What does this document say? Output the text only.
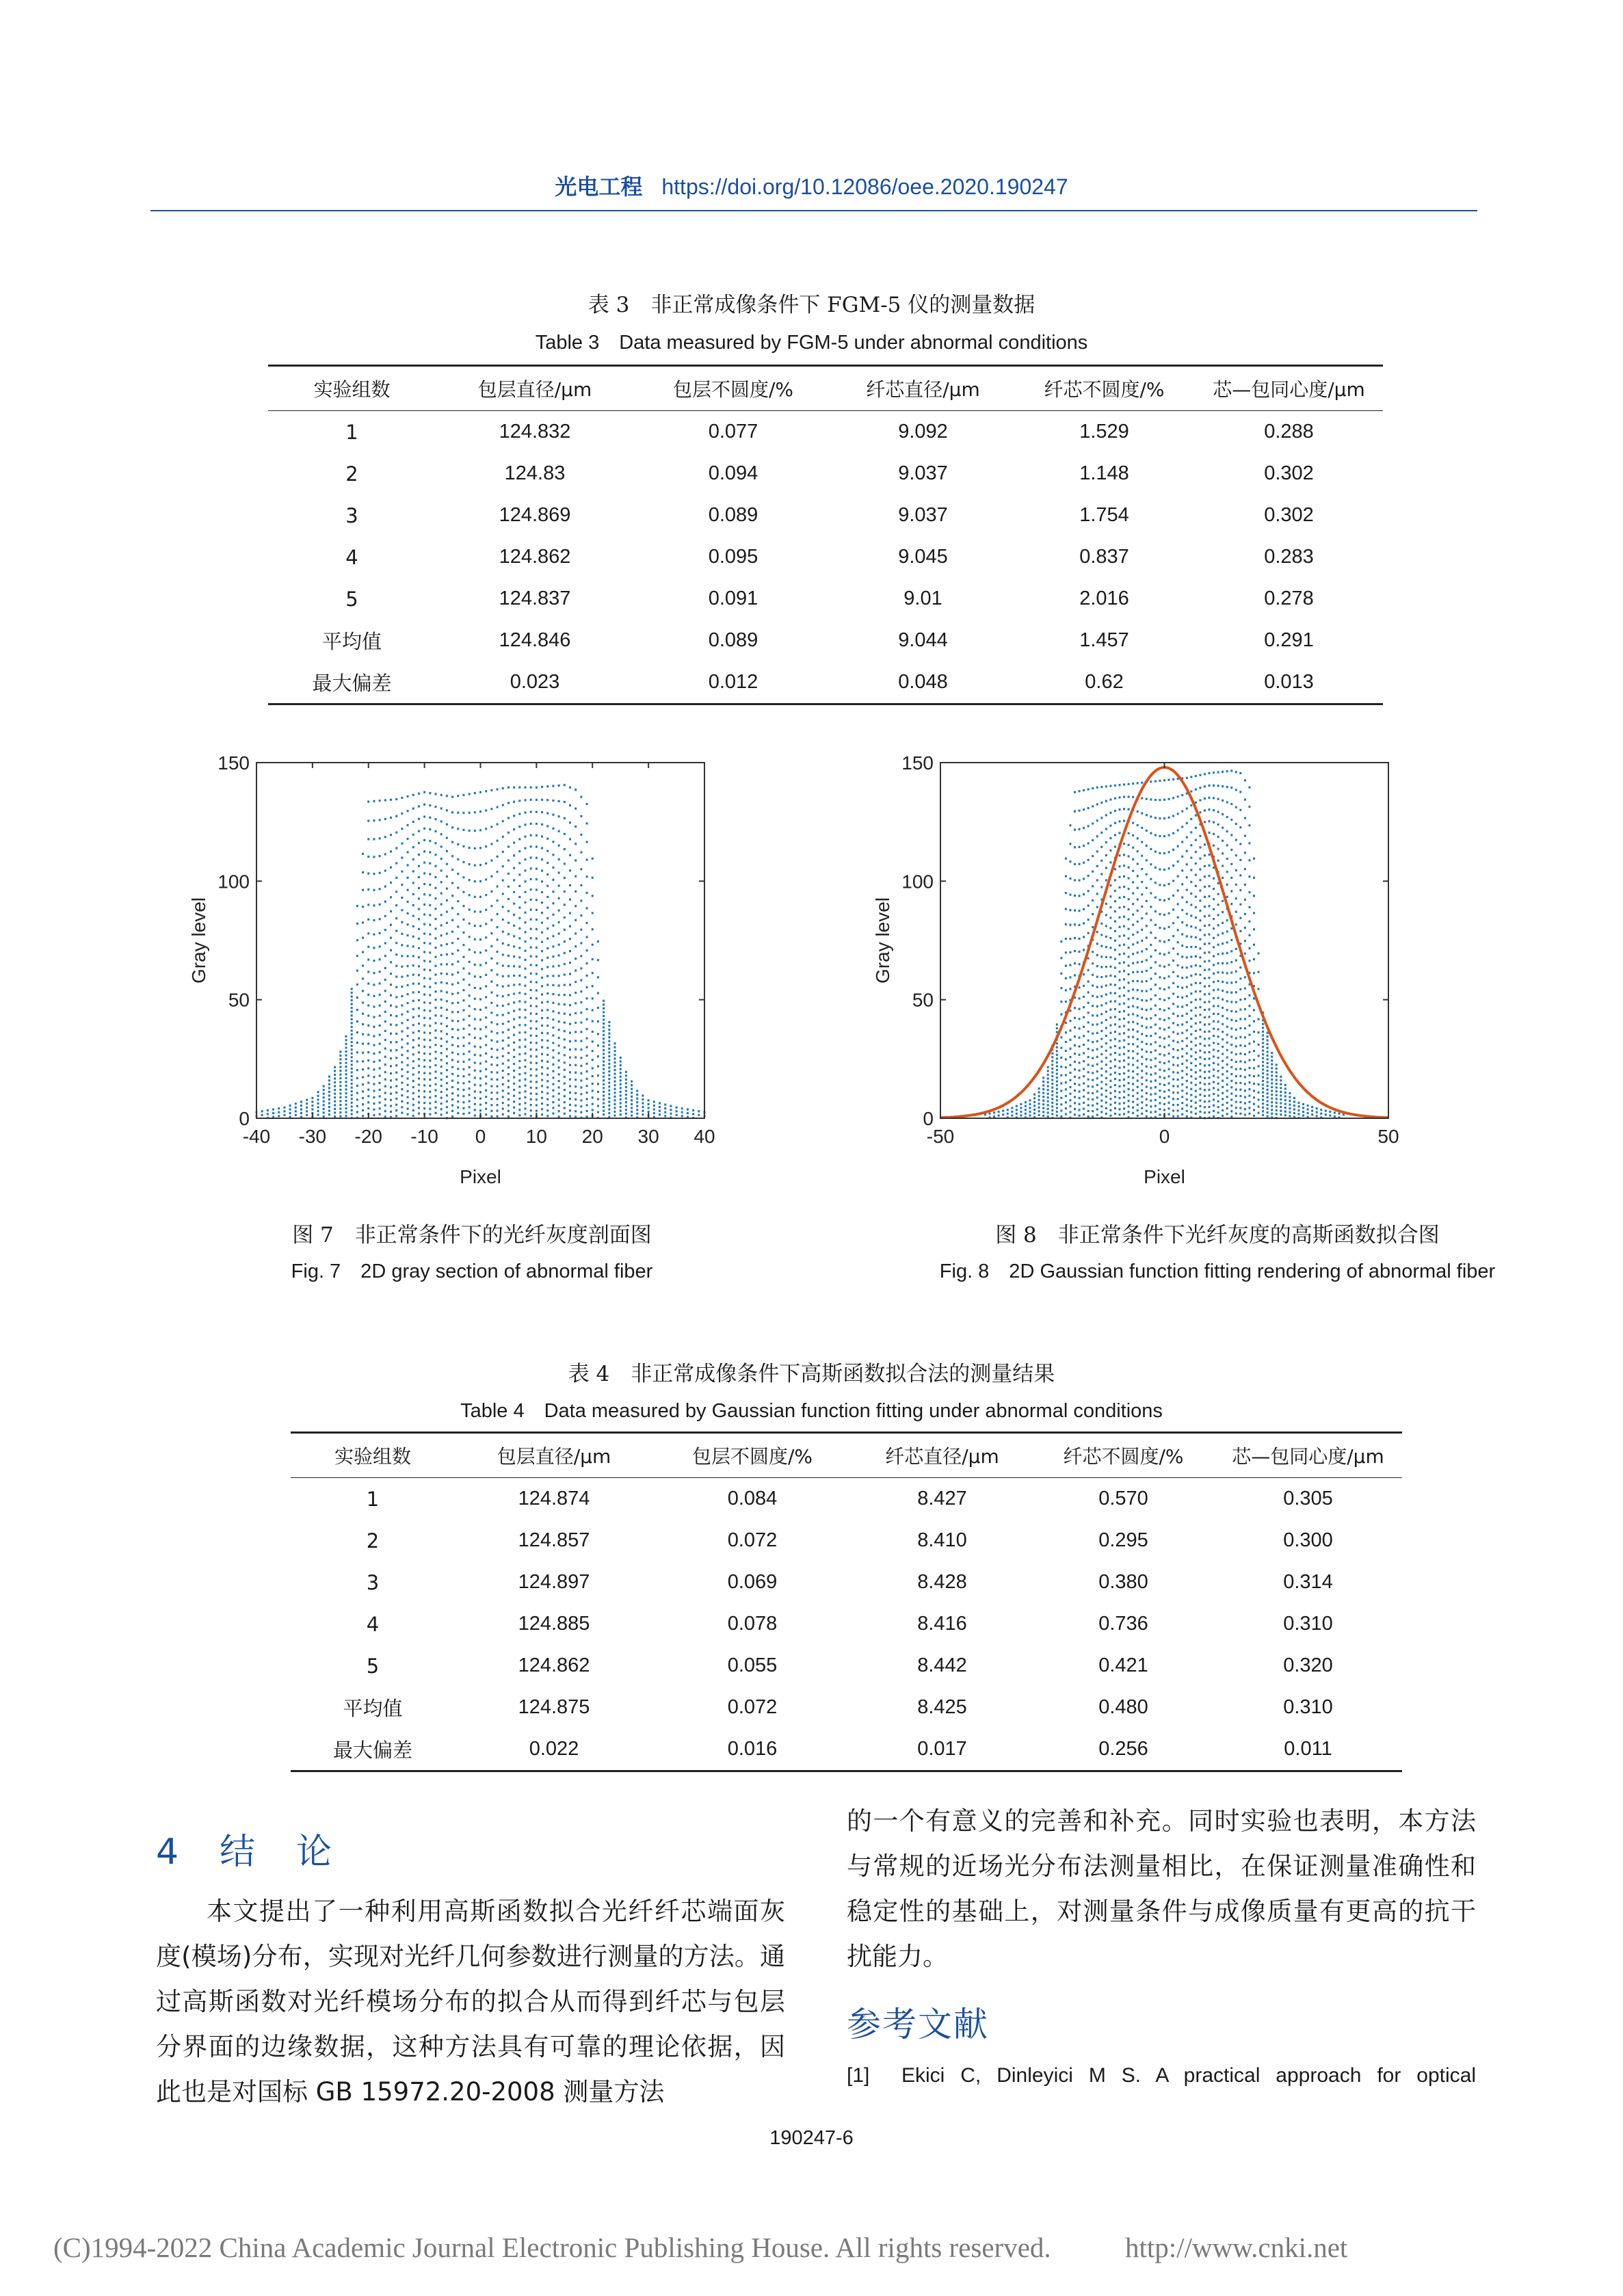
光电工程 https://doi.org/10.12086/oee.2020.190247
表 3　非正常成像条件下 FGM-5 仪的测量数据
Table 3　Data measured by FGM-5 under abnormal conditions
实验组数	包层直径/μm	包层不圆度/%	纤芯直径/μm	纤芯不圆度/%	芯—包同心度/μm
1	124.832	0.077	9.092	1.529	0.288
2	124.83	0.094	9.037	1.148	0.302
3	124.869	0.089	9.037	1.754	0.302
4	124.862	0.095	9.045	0.837	0.283
5	124.837	0.091	9.01	2.016	0.278
平均值	124.846	0.089	9.044	1.457	0.291
最大偏差	0.023	0.012	0.048	0.62	0.013
0
50
100
150
-40 -30 -20 -10 0 10 20 30 40
Pixel
Gray level
图 7　非正常条件下的光纤灰度剖面图
Fig. 7　2D gray section of abnormal fiber
0
50
100
150
-50	0	50
Pixel
Gray level
图 8　非正常条件下光纤灰度的高斯函数拟合图
Fig. 8　2D Gaussian function fitting rendering of abnormal fiber
表 4　非正常成像条件下高斯函数拟合法的测量结果
Table 4　Data measured by Gaussian function fitting under abnormal conditions
实验组数	包层直径/μm	包层不圆度/%	纤芯直径/μm	纤芯不圆度/%	芯—包同心度/μm
1	124.874	0.084	8.427	0.570	0.305
2	124.857	0.072	8.410	0.295	0.300
3	124.897	0.069	8.428	0.380	0.314
4	124.885	0.078	8.416	0.736	0.310
5	124.862	0.055	8.442	0.421	0.320
平均值	124.875	0.072	8.425	0.480	0.310
最大偏差	0.022	0.016	0.017	0.256	0.011
4　结　论
本文提出了一种利用高斯函数拟合光纤纤芯端面灰度(模场)分布，实现对光纤几何参数进行测量的方法。通过高斯函数对光纤模场分布的拟合从而得到纤芯与包层分界面的边缘数据，这种方法具有可靠的理论依据，因此也是对国标 GB 15972.20-2008 测量方法
的一个有意义的完善和补充。同时实验也表明，本方法与常规的近场光分布法测量相比，在保证测量准确性和稳定性的基础上，对测量条件与成像质量有更高的抗干扰能力。
参考文献
[1] Ekici C, Dinleyici M S. A practical approach for optical
190247-6
(C)1994-2022 China Academic Journal Electronic Publishing House. All rights reserved.	http://www.cnki.net
